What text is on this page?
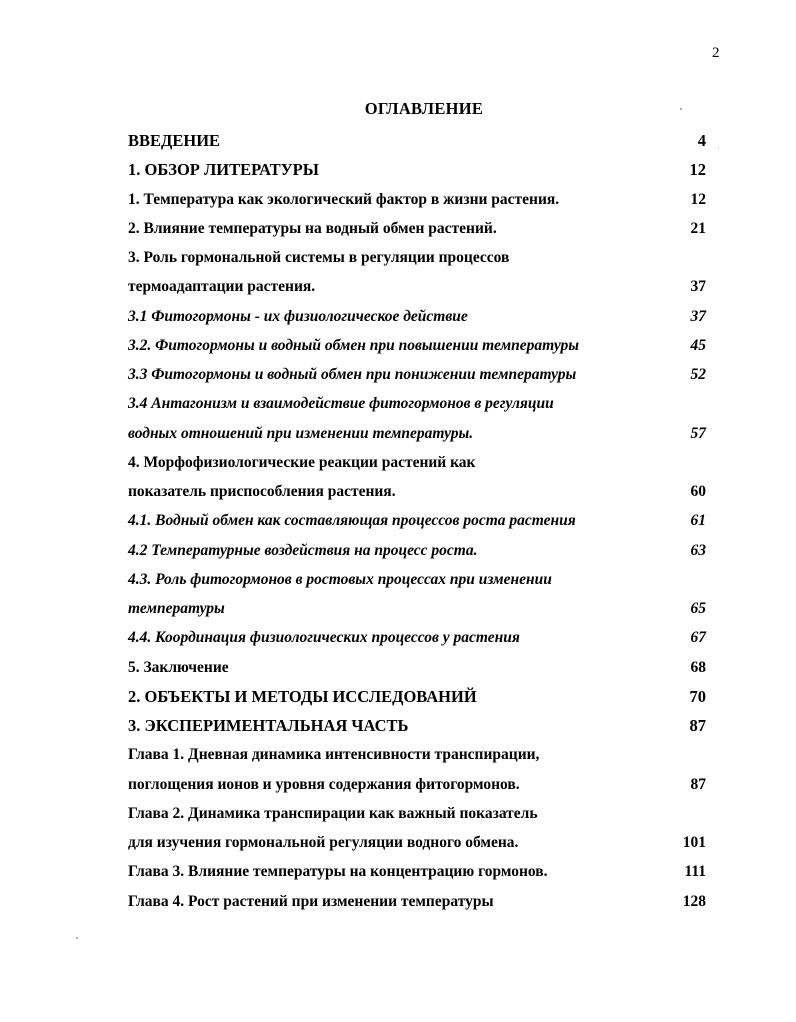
2
ОГЛАВЛЕНИЕ
ВВЕДЕНИЕ	4
1. ОБЗОР ЛИТЕРАТУРЫ	12
1. Температура как экологический фактор в жизни растения.	12
2. Влияние температуры на водный обмен растений.	21
3. Роль гормональной системы в регуляции процессов
термоадаптации растения.	37
3.1 Фитогормоны - их физиологическое действие	37
3.2. Фитогормоны и водный обмен при повышении температуры	45
3.3 Фитогормоны и водный обмен при понижении температуры	52
3.4 Антагонизм и взаимодействие фитогормонов в регуляции
водных отношений при изменении температуры.	57
4. Морфофизиологические реакции растений как
показатель приспособления растения.	60
4.1. Водный обмен как составляющая процессов роста растения	61
4.2 Температурные воздействия на процесс роста.	63
4.3. Роль фитогормонов в ростовых процессах при изменении
температуры	65
4.4. Координация физиологических процессов у растения	67
5. Заключение	68
2. ОБЪЕКТЫ И МЕТОДЫ ИССЛЕДОВАНИЙ	70
3. ЭКСПЕРИМЕНТАЛЬНАЯ ЧАСТЬ	87
Глава 1. Дневная динамика интенсивности транспирации,
поглощения ионов и уровня содержания фитогормонов.	87
Глава 2. Динамика транспирации как важный показатель
для изучения гормональной регуляции водного обмена.	101
Глава 3. Влияние температуры на концентрацию гормонов.	111
Глава 4. Рост растений при изменении температуры	128
